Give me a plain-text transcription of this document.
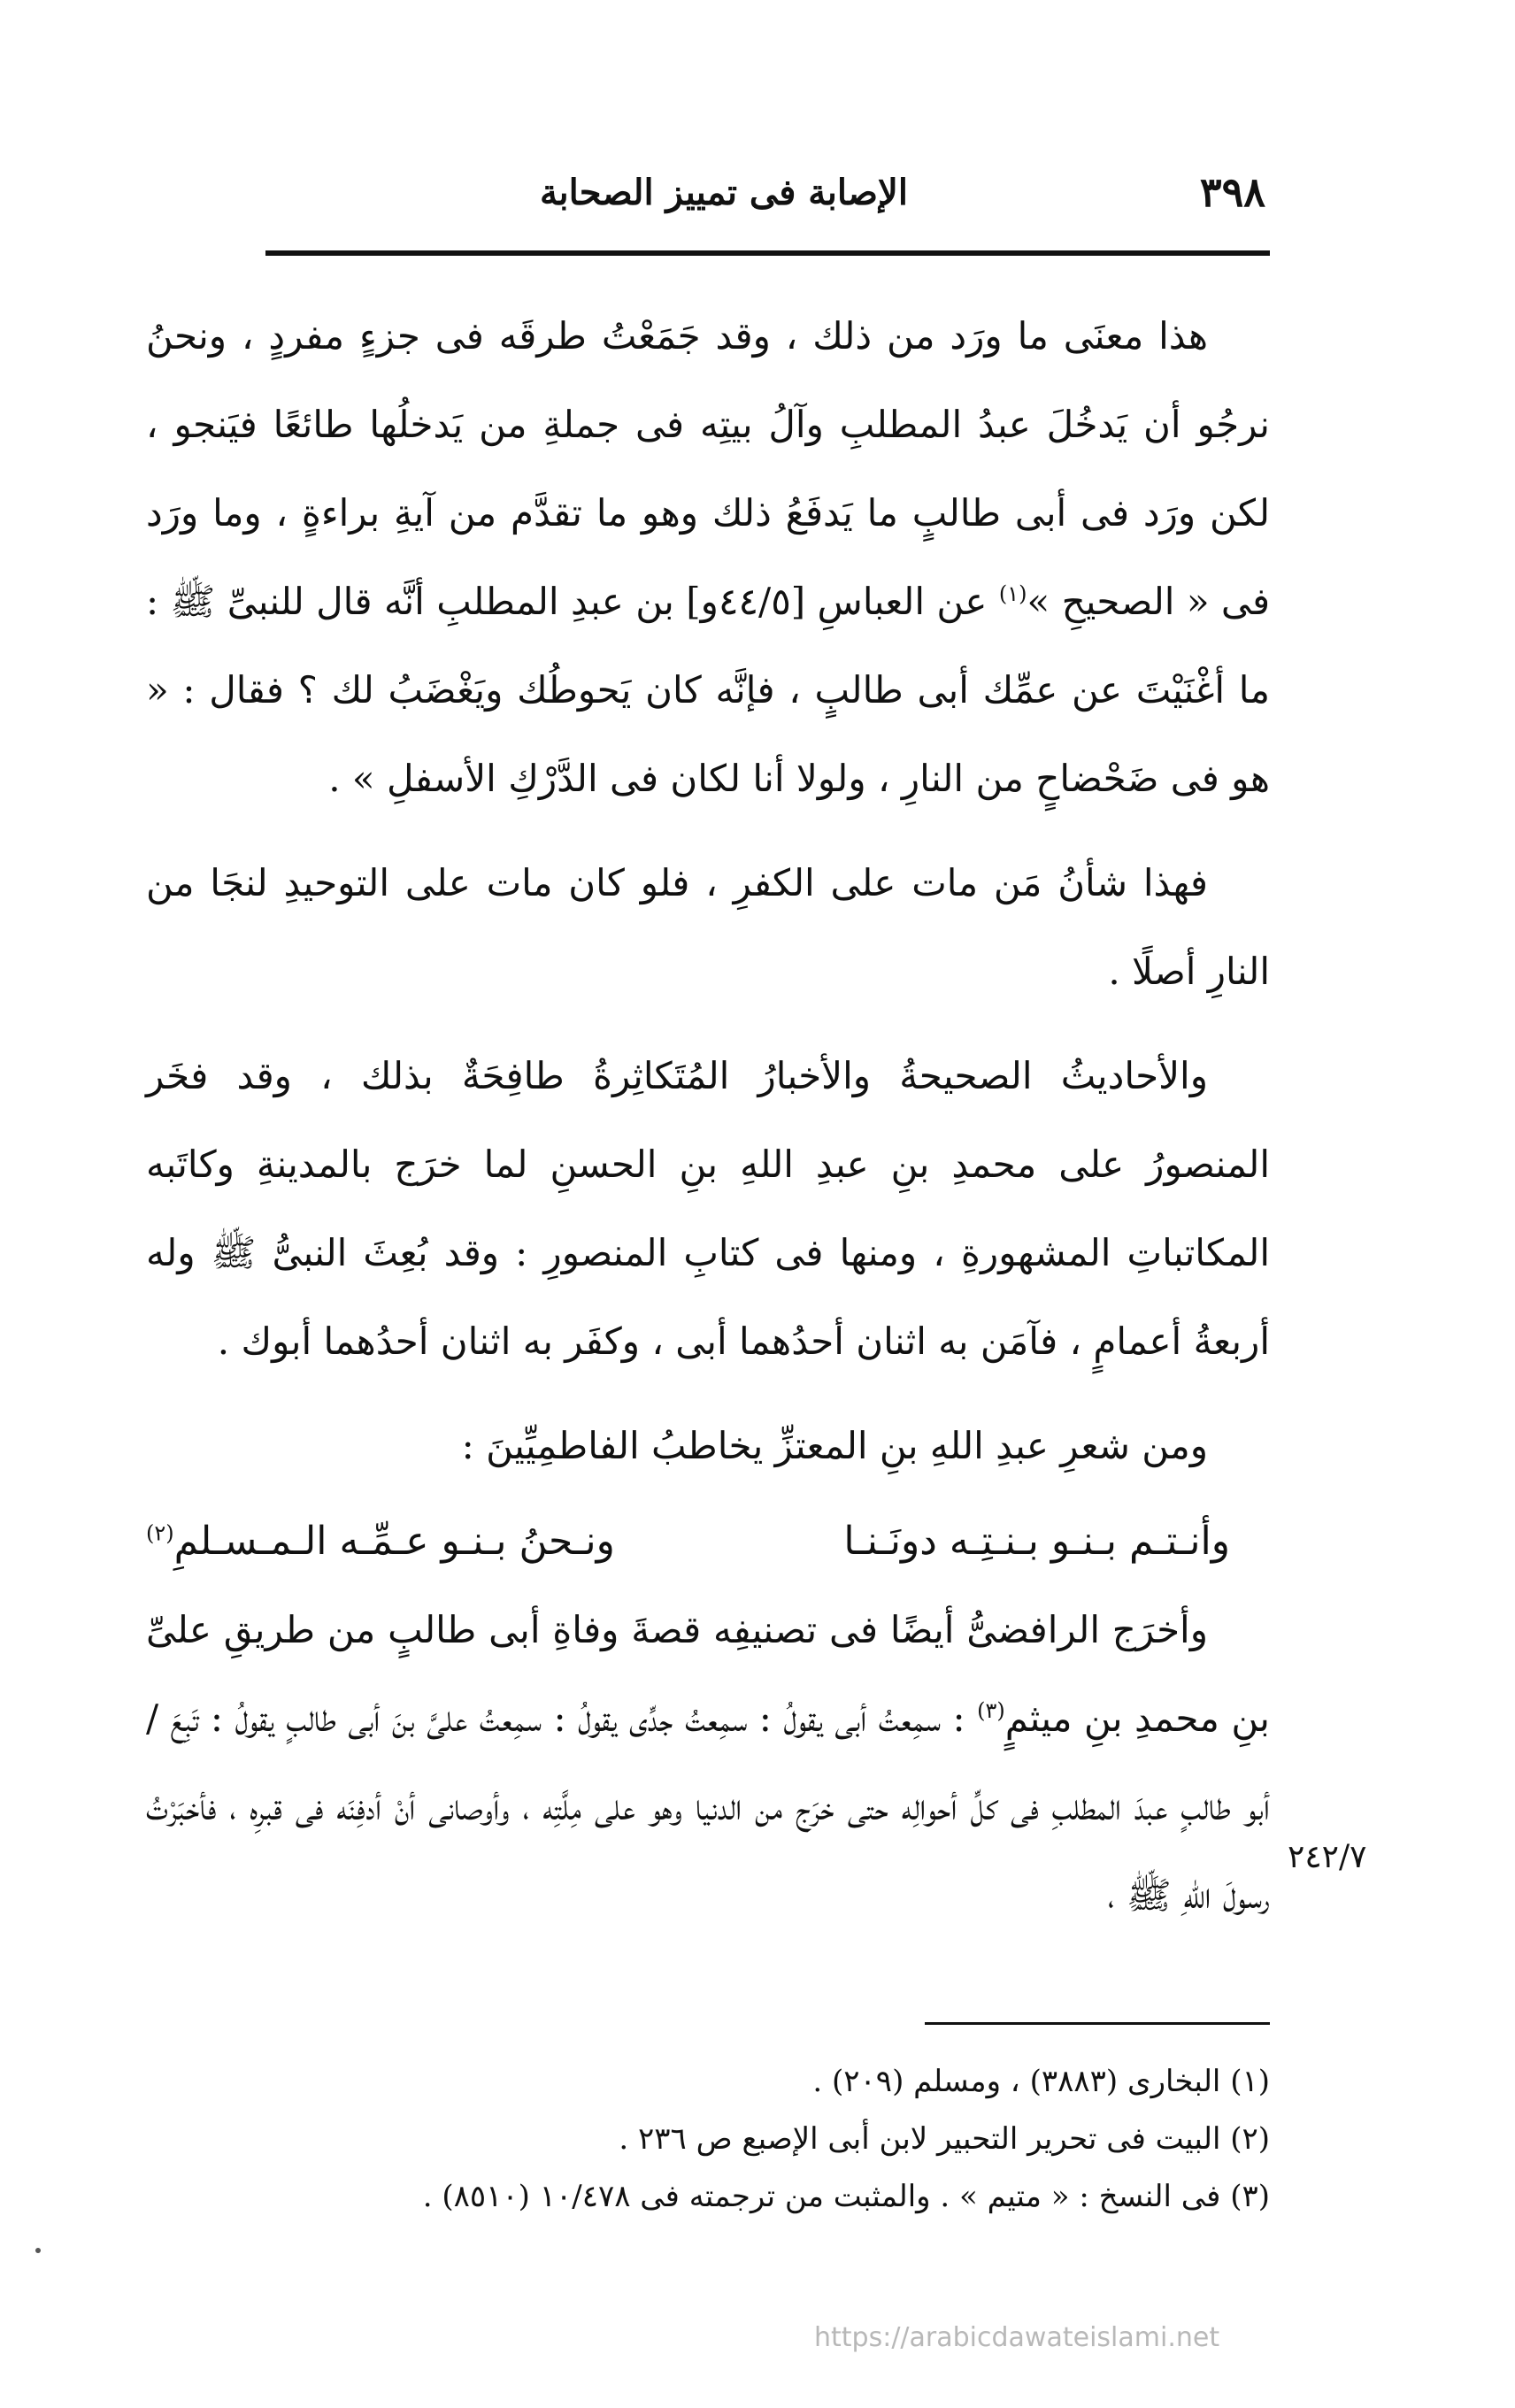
٣٩٨
الإصابة فى تمييز الصحابة

هذا معنَى ما ورَد من ذلك ، وقد جَمَعْتُ طرقَه فى جزءٍ مفردٍ ، ونحنُ نرجُو أن يَدخُلَ عبدُ المطلبِ وآلُ بيتِه فى جملةِ من يَدخلُها طائعًا فيَنجو ، لكن ورَد فى أبى طالبٍ ما يَدفَعُ ذلك وهو ما تقدَّم من آيةِ براءةٍ ، وما ورَد فى « الصحيحِ »$^{(١)}$ عن العباسِ [٤٤/٥و] بن عبدِ المطلبِ أنَّه قال للنبىِّ ﷺ : ما أغْنَيْتَ عن عمِّك أبى طالبٍ ، فإنَّه كان يَحوطُك ويَغْضَبُ لك ؟ فقال : « هو فى ضَحْضاحٍ من النارِ ، ولولا أنا لكان فى الدَّرْكِ الأسفلِ » .

فهذا شأنُ مَن مات على الكفرِ ، فلو كان مات على التوحيدِ لنجَا من النارِ أصلًا .

والأحاديثُ الصحيحةُ والأخبارُ المُتَكاثِرةُ طافِحَةٌ بذلك ، وقد فخَر المنصورُ على محمدِ بنِ عبدِ اللهِ بنِ الحسنِ لما خرَج بالمدينةِ وكاتَبه المكاتباتِ المشهورةِ ، ومنها فى كتابِ المنصورِ : وقد بُعِثَ النبىُّ ﷺ وله أربعةُ أعمامٍ ، فآمَن به اثنان أحدُهما أبى ، وكفَر به اثنان أحدُهما أبوك .

ومن شعرِ عبدِ اللهِ بنِ المعتزِّ يخاطبُ الفاطمِيِّينَ :

وأنـتـم بـنـو بـنـتِـه دونَـنـا
ونـحنُ بـنـو عـمِّـه الـمـسـلمِ$^{(٢)}$

وأخرَج الرافضىُّ أيضًا فى تصنيفِه قصةَ وفاةِ أبى طالبٍ من طريقِ علىِّ بنِ محمدِ بنِ ميثمٍ$^{(٣)}$ : سمِعتُ أبى يقولُ : سمِعتُ جدِّى يقولُ : سمِعتُ علىَّ بنَ أبى طالبٍ يقولُ : تَبِعَ /أبو طالبٍ عبدَ المطلبِ فى كلِّ أحوالِه حتى خرَج من الدنيا وهو على مِلَّتِه ، وأوصانى أنْ أدفِنَه فى قبرِه ، فأخبَرْتُ رسولَ اللهِ ﷺ ،

٢٤٢/٧

(١) البخارى (٣٨٨٣) ، ومسلم (٢٠٩) .

(٢) البيت فى تحرير التحبير لابن أبى الإصبع ص ٢٣٦ .

(٣) فى النسخ : « متيم » . والمثبت من ترجمته فى ١٠/٤٧٨ (٨٥١٠) .

https://arabicdawateislami.net
